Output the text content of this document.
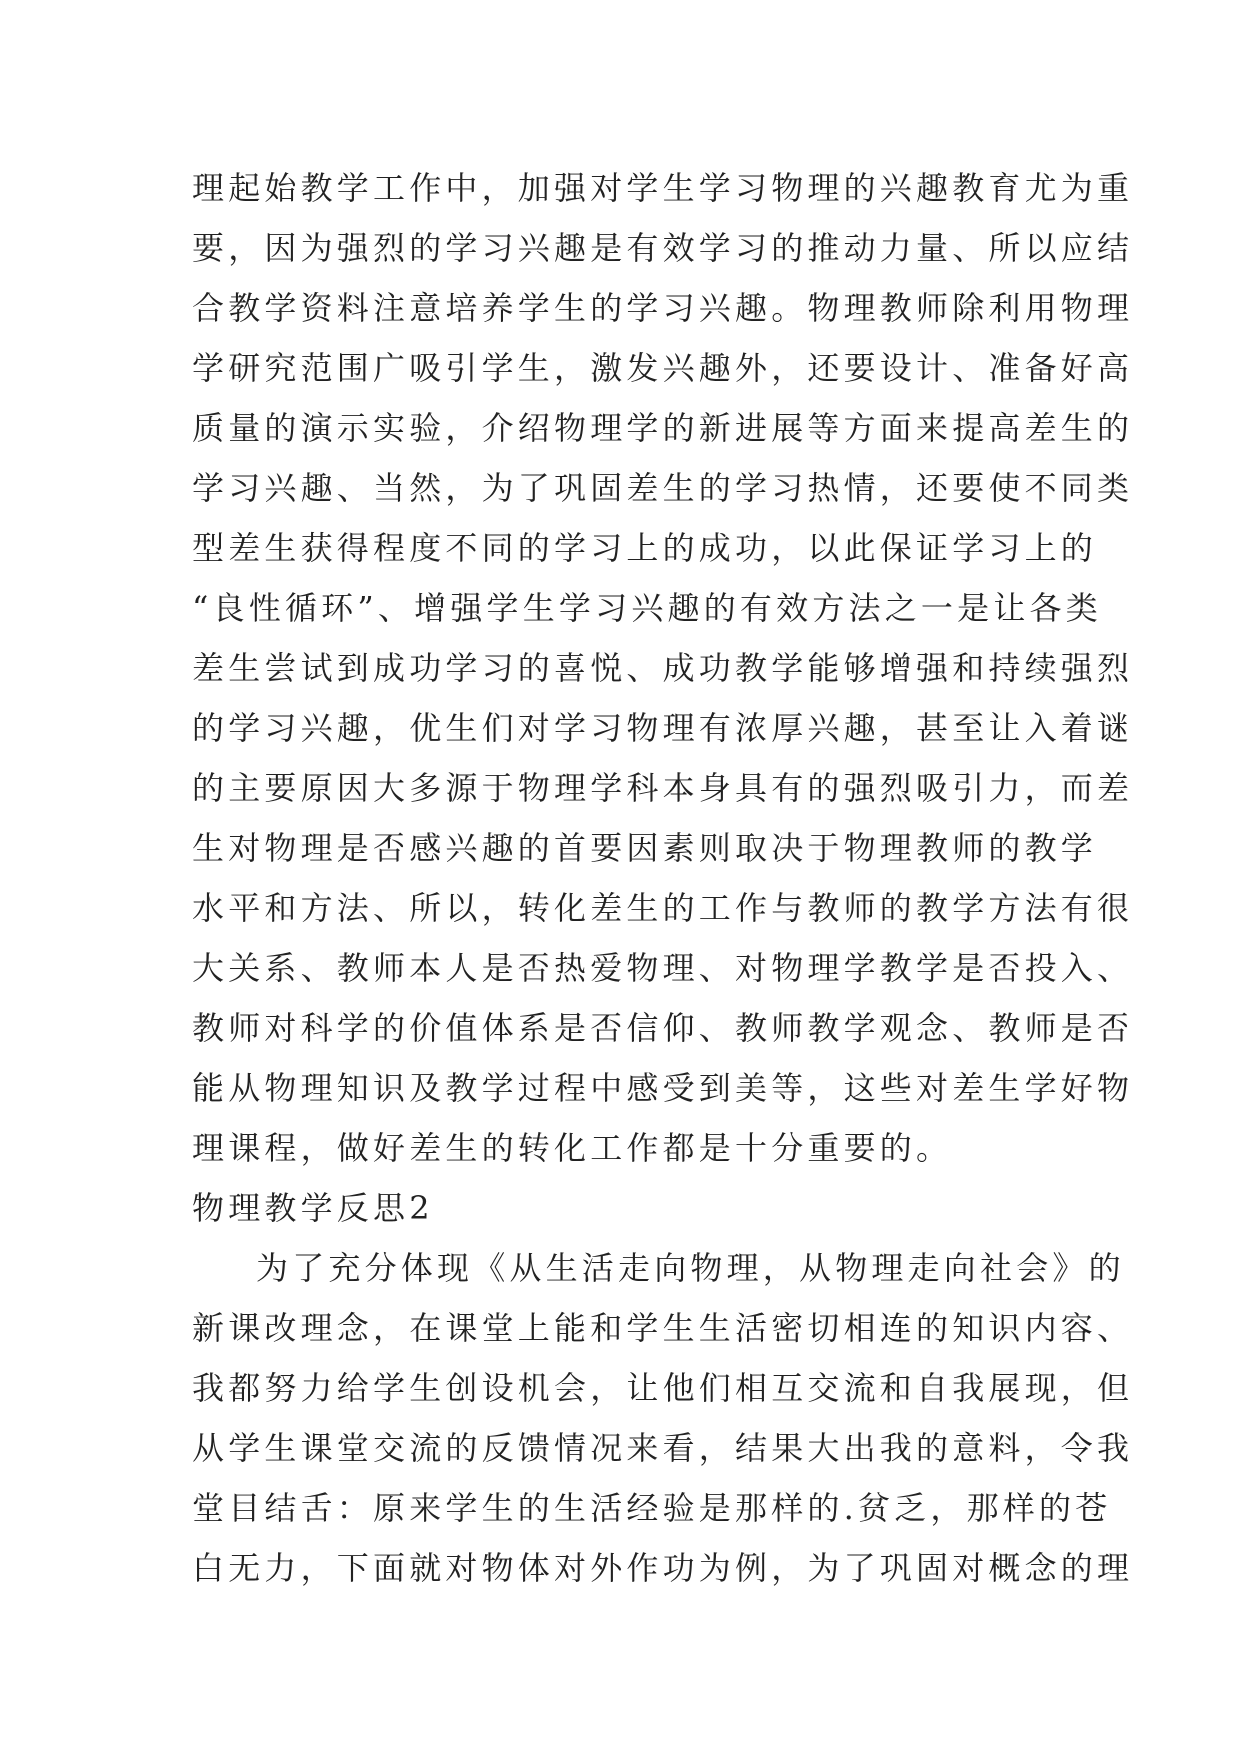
理起始教学工作中，加强对学生学习物理的兴趣教育尤为重
要，因为强烈的学习兴趣是有效学习的推动力量、所以应结
合教学资料注意培养学生的学习兴趣。物理教师除利用物理
学研究范围广吸引学生，激发兴趣外，还要设计、准备好高
质量的演示实验，介绍物理学的新进展等方面来提高差生的
学习兴趣、当然，为了巩固差生的学习热情，还要使不同类
型差生获得程度不同的学习上的成功，以此保证学习上的
“良性循环”、增强学生学习兴趣的有效方法之一是让各类
差生尝试到成功学习的喜悦、成功教学能够增强和持续强烈
的学习兴趣，优生们对学习物理有浓厚兴趣，甚至让入着谜
的主要原因大多源于物理学科本身具有的强烈吸引力，而差
生对物理是否感兴趣的首要因素则取决于物理教师的教学
水平和方法、所以，转化差生的工作与教师的教学方法有很
大关系、教师本人是否热爱物理、对物理学教学是否投入、
教师对科学的价值体系是否信仰、教师教学观念、教师是否
能从物理知识及教学过程中感受到美等，这些对差生学好物
理课程，做好差生的转化工作都是十分重要的。
物理教学反思2
为了充分体现《从生活走向物理，从物理走向社会》的
新课改理念，在课堂上能和学生生活密切相连的知识内容、
我都努力给学生创设机会，让他们相互交流和自我展现，但
从学生课堂交流的反馈情况来看，结果大出我的意料，令我
堂目结舌：原来学生的生活经验是那样的.贫乏，那样的苍
白无力，下面就对物体对外作功为例，为了巩固对概念的理
